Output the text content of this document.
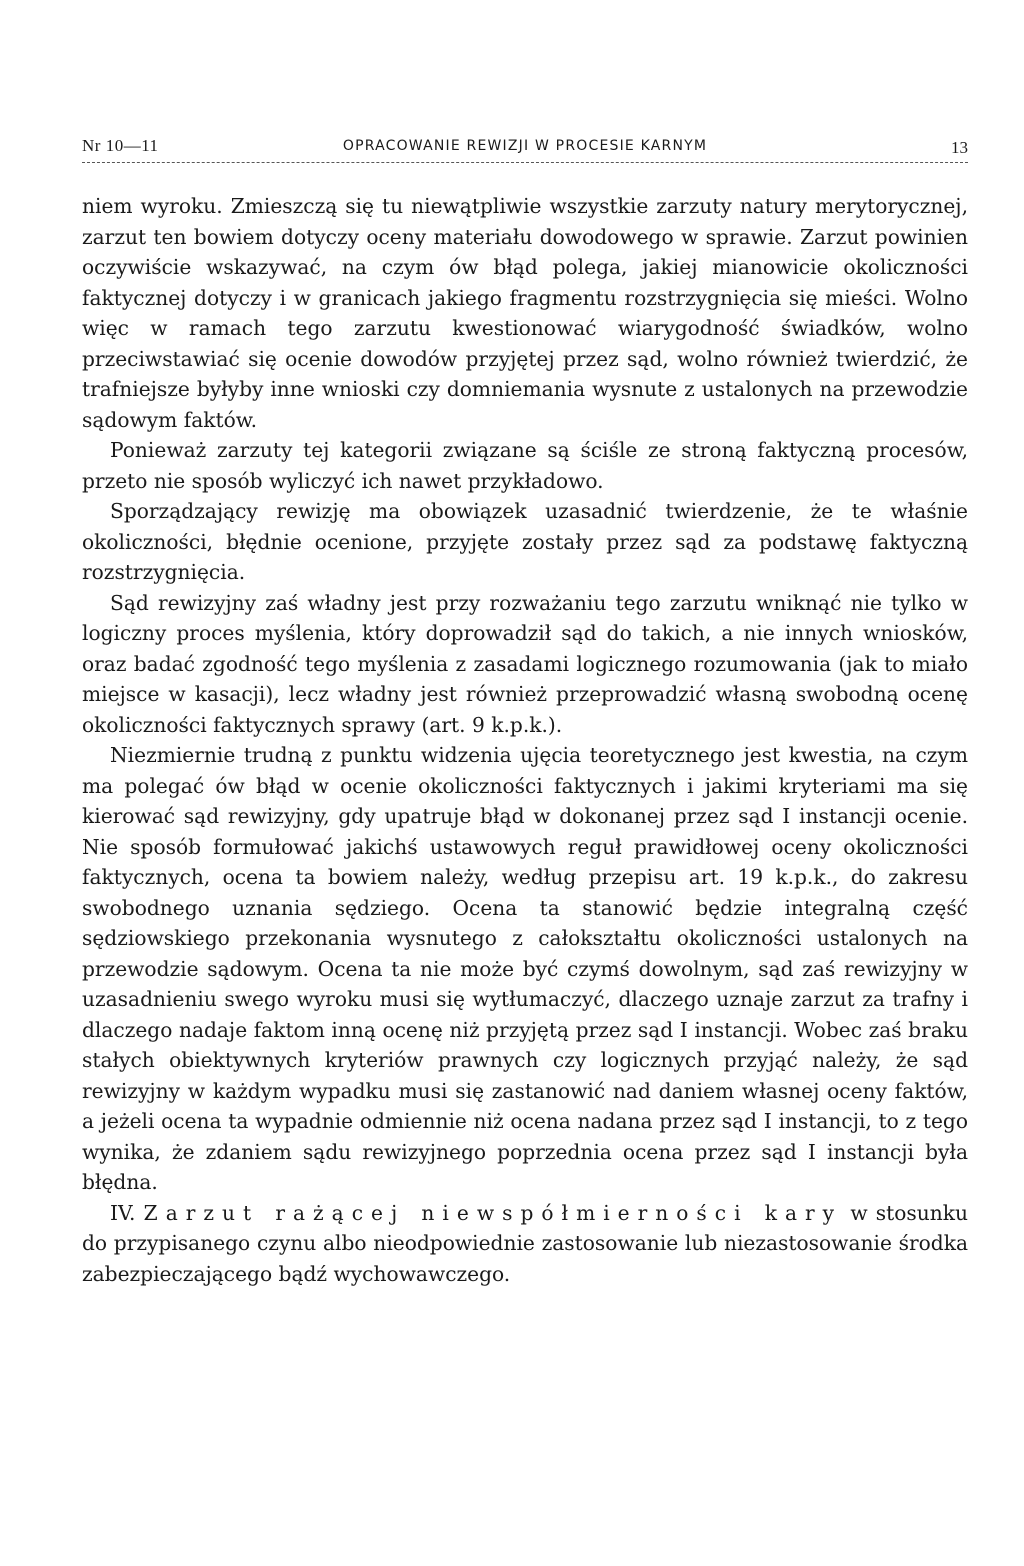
Nr 10—11	OPRACOWANIE REWIZJI W PROCESIE KARNYM	13

niem wyroku. Zmieszczą się tu niewątpliwie wszystkie zarzuty natury merytorycznej, zarzut ten bowiem dotyczy oceny materiału dowodowego w sprawie. Zarzut powinien oczywiście wskazywać, na czym ów błąd polega, jakiej mianowicie okoliczności faktycznej dotyczy i w granicach jakiego fragmentu rozstrzygnięcia się mieści. Wolno więc w ramach tego zarzutu kwestionować wiarygodność świadków, wolno przeciwstawiać się ocenie dowodów przyjętej przez sąd, wolno również twierdzić, że trafniejsze byłyby inne wnioski czy domniemania wysnute z ustalonych na przewodzie sądowym faktów.

Ponieważ zarzuty tej kategorii związane są ściśle ze stroną faktyczną procesów, przeto nie sposób wyliczyć ich nawet przykładowo.

Sporządzający rewizję ma obowiązek uzasadnić twierdzenie, że te właśnie okoliczności, błędnie ocenione, przyjęte zostały przez sąd za podstawę faktyczną rozstrzygnięcia.

Sąd rewizyjny zaś władny jest przy rozważaniu tego zarzutu wniknąć nie tylko w logiczny proces myślenia, który doprowadził sąd do takich, a nie innych wniosków, oraz badać zgodność tego myślenia z zasadami logicznego rozumowania (jak to miało miejsce w kasacji), lecz władny jest również przeprowadzić własną swobodną ocenę okoliczności faktycznych sprawy (art. 9 k.p.k.).

Niezmiernie trudną z punktu widzenia ujęcia teoretycznego jest kwestia, na czym ma polegać ów błąd w ocenie okoliczności faktycznych i jakimi kryteriami ma się kierować sąd rewizyjny, gdy upatruje błąd w dokonanej przez sąd I instancji ocenie. Nie sposób formułować jakichś ustawowych reguł prawidłowej oceny okoliczności faktycznych, ocena ta bowiem należy, według przepisu art. 19 k.p.k., do zakresu swobodnego uznania sędziego. Ocena ta stanowić będzie integralną część sędziowskiego przekonania wysnutego z całokształtu okoliczności ustalonych na przewodzie sądowym. Ocena ta nie może być czymś dowolnym, sąd zaś rewizyjny w uzasadnieniu swego wyroku musi się wytłumaczyć, dlaczego uznaje zarzut za trafny i dlaczego nadaje faktom inną ocenę niż przyjętą przez sąd I instancji. Wobec zaś braku stałych obiektywnych kryteriów prawnych czy logicznych przyjąć należy, że sąd rewizyjny w każdym wypadku musi się zastanowić nad daniem własnej oceny faktów, a jeżeli ocena ta wypadnie odmiennie niż ocena nadana przez sąd I instancji, to z tego wynika, że zdaniem sądu rewizyjnego poprzednia ocena przez sąd I instancji była błędna.

IV. Zarzut rażącej niewspółmierności kary w stosunku do przypisanego czynu albo nieodpowiednie zastosowanie lub niezastosowanie środka zabezpieczającego bądź wychowawczego.
